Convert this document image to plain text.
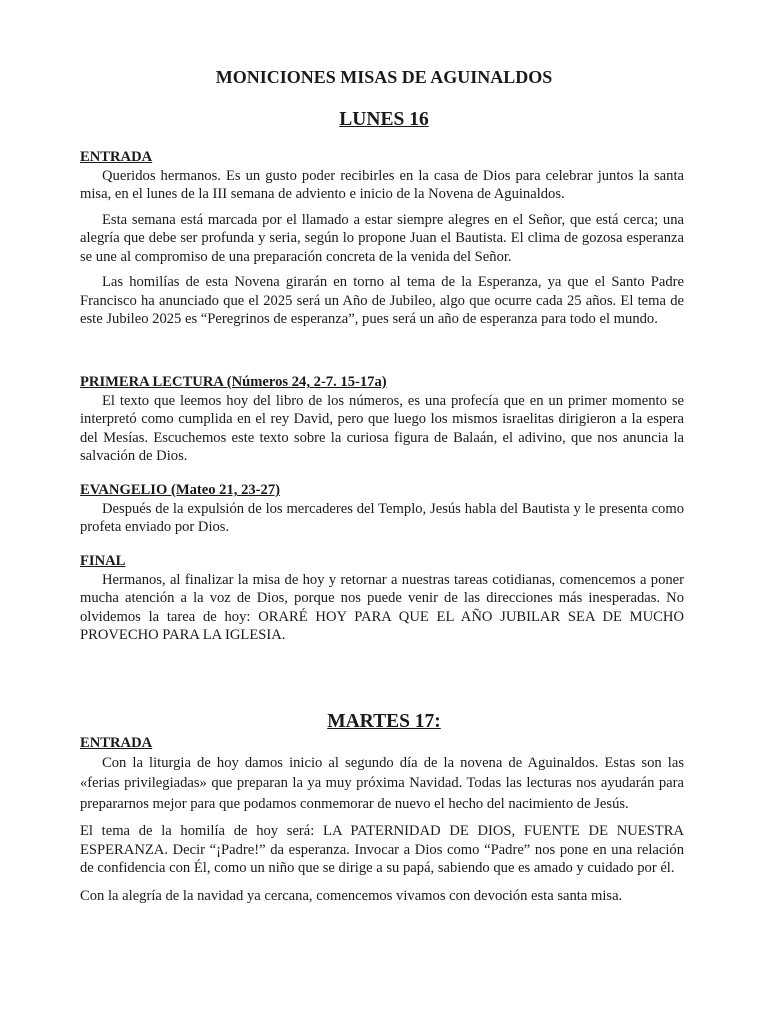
MONICIONES MISAS DE AGUINALDOS
LUNES 16
ENTRADA

Queridos hermanos. Es un gusto poder recibirles en la casa de Dios para celebrar juntos la santa misa, en el lunes de la III semana de adviento e inicio de la Novena de Aguinaldos.

Esta semana está marcada por el llamado a estar siempre alegres en el Señor, que está cerca; una alegría que debe ser profunda y seria, según lo propone Juan el Bautista. El clima de gozosa esperanza se une al compromiso de una preparación concreta de la venida del Señor.

Las homilías de esta Novena girarán en torno al tema de la Esperanza, ya que el Santo Padre Francisco ha anunciado que el 2025 será un Año de Jubileo, algo que ocurre cada 25 años. El tema de este Jubileo 2025 es “Peregrinos de esperanza”, pues será un año de esperanza para todo el mundo.

PRIMERA LECTURA (Números 24, 2-7. 15-17a)

El texto que leemos hoy del libro de los números, es una profecía que en un primer momento se interpretó como cumplida en el rey David, pero que luego los mismos israelitas dirigieron a la espera del Mesías. Escuchemos este texto sobre la curiosa figura de Balaán, el adivino, que nos anuncia la salvación de Dios.

EVANGELIO (Mateo 21, 23-27)

Después de la expulsión de los mercaderes del Templo, Jesús habla del Bautista y le presenta como profeta enviado por Dios.

FINAL

Hermanos, al finalizar la misa de hoy y retornar a nuestras tareas cotidianas, comencemos a poner mucha atención a la voz de Dios, porque nos puede venir de las direcciones más inesperadas. No olvidemos la tarea de hoy: ORARÉ HOY PARA QUE EL AÑO JUBILAR SEA DE MUCHO PROVECHO PARA LA IGLESIA.

MARTES 17:
ENTRADA

Con la liturgia de hoy damos inicio al segundo día de la novena de Aguinaldos. Estas son las «ferias privilegiadas» que preparan la ya muy próxima Navidad. Todas las lecturas nos ayudarán para prepararnos mejor para que podamos conmemorar de nuevo el hecho del nacimiento de Jesús.

El tema de la homilía de hoy será: LA PATERNIDAD DE DIOS, FUENTE DE NUESTRA ESPERANZA. Decir “¡Padre!” da esperanza. Invocar a Dios como “Padre” nos pone en una relación de confidencia con Él, como un niño que se dirige a su papá, sabiendo que es amado y cuidado por él.

Con la alegría de la navidad ya cercana, comencemos vivamos con devoción esta santa misa.
